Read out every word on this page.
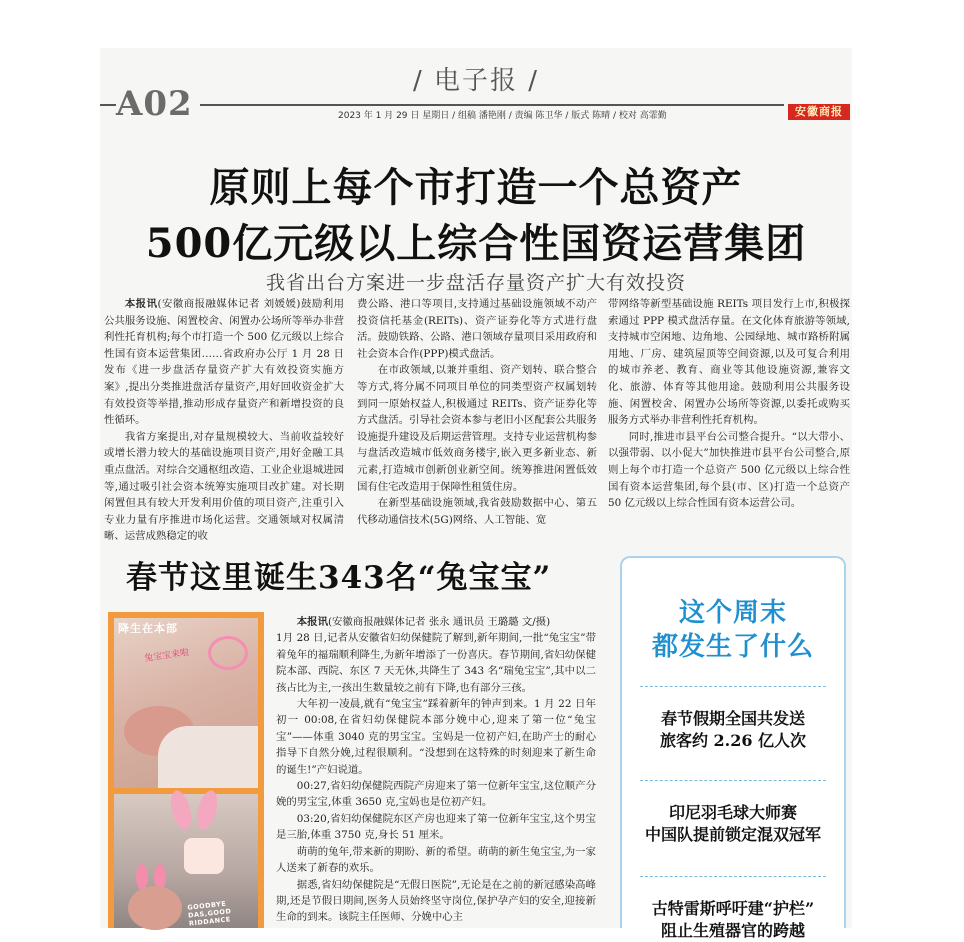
/ 电子报 /
A02	2023 年 1 月 29 日 星期日 / 组稿 潘艳刚 / 责编 陈卫华 / 版式 陈晴 / 校对 高霏勤	安徽商报
原则上每个市打造一个总资产
500亿元级以上综合性国资运营集团
我省出台方案进一步盘活存量资产扩大有效投资

本报讯(安徽商报融媒体记者 刘媛媛)鼓励利用公共服务设施、闲置校舍、闲置办公场所等举办非营利性托育机构;每个市打造一个 500 亿元级以上综合性国有资本运营集团……省政府办公厅 1 月 28 日发布《进一步盘活存量资产扩大有效投资实施方案》,提出分类推进盘活存量资产,用好回收资金扩大有效投资等举措,推动形成存量资产和新增投资的良性循环。

我省方案提出,对存量规模较大、当前收益较好或增长潜力较大的基础设施项目资产,用好金融工具重点盘活。对综合交通枢纽改造、工业企业退城进园等,通过吸引社会资本统筹实施项目改扩建。对长期闲置但具有较大开发利用价值的项目资产,注重引入专业力量有序推进市场化运营。交通领域对权属清晰、运营成熟稳定的收

费公路、港口等项目,支持通过基础设施领域不动产投资信托基金(REITs)、资产证券化等方式进行盘活。鼓励铁路、公路、港口领域存量项目采用政府和社会资本合作(PPP)模式盘活。

在市政领域,以兼并重组、资产划转、联合整合等方式,将分属不同项目单位的同类型资产权属划转到同一原始权益人,积极通过 REITs、资产证券化等方式盘活。引导社会资本参与老旧小区配套公共服务设施提升建设及后期运营管理。支持专业运营机构参与盘活改造城市低效商务楼宇,嵌入更多新业态、新元素,打造城市创新创业新空间。统筹推进闲置低效国有住宅改造用于保障性租赁住房。

在新型基础设施领域,我省鼓励数据中心、第五代移动通信技术(5G)网络、人工智能、宽

带网络等新型基础设施 REITs 项目发行上市,积极探索通过 PPP 模式盘活存量。在文化体育旅游等领域,支持城市空闲地、边角地、公园绿地、城市路桥附属用地、厂房、建筑屋顶等空间资源,以及可复合利用的城市养老、教育、商业等其他设施资源,兼容文化、旅游、体育等其他用途。鼓励利用公共服务设施、闲置校舍、闲置办公场所等资源,以委托或购买服务方式举办非营利性托育机构。

同时,推进市县平台公司整合提升。“以大带小、以强带弱、以小促大”加快推进市县平台公司整合,原则上每个市打造一个总资产 500 亿元级以上综合性国有资本运营集团,每个县(市、区)打造一个总资产 50 亿元级以上综合性国有资本运营公司。

春节这里诞生343名“兔宝宝”
兔宝宝来啦
降生在本部
GOODBYE DAS,GOOD RIDDANCE

本报讯(安徽商报融媒体记者 张永 通讯员 王璐璐 文/摄)

1月 28 日,记者从安徽省妇幼保健院了解到,新年期间,一批“兔宝宝”带着兔年的福瑞顺利降生,为新年增添了一份喜庆。春节期间,省妇幼保健院本部、西院、东区 7 天无休,共降生了 343 名“瑞兔宝宝”,其中以二孩占比为主,一孩出生数量较之前有下降,也有部分三孩。

大年初一凌晨,就有“兔宝宝”踩着新年的钟声到来。1 月 22 日年初一 00:08,在省妇幼保健院本部分娩中心,迎来了第一位“兔宝宝”——体重 3040 克的男宝宝。宝妈是一位初产妇,在助产士的耐心指导下自然分娩,过程很顺利。“没想到在这特殊的时刻迎来了新生命的诞生!”产妇说道。

00:27,省妇幼保健院西院产房迎来了第一位新年宝宝,这位顺产分娩的男宝宝,体重 3650 克,宝妈也是位初产妇。

03:20,省妇幼保健院东区产房也迎来了第一位新年宝宝,这个男宝是三胎,体重 3750 克,身长 51 厘米。

萌萌的兔年,带来新的期盼、新的希望。萌萌的新生兔宝宝,为一家人送来了新春的欢乐。

据悉,省妇幼保健院是“无假日医院”,无论是在之前的新冠感染高峰期,还是节假日期间,医务人员始终坚守岗位,保护孕产妇的安全,迎接新生命的到来。该院主任医师、分娩中心主

这个周末
都发生了什么
春节假期全国共发送
旅客约 2.26 亿人次
印尼羽毛球大师赛
中国队提前锁定混双冠军
古特雷斯呼吁建“护栏”
阻止生殖器官的跨越
